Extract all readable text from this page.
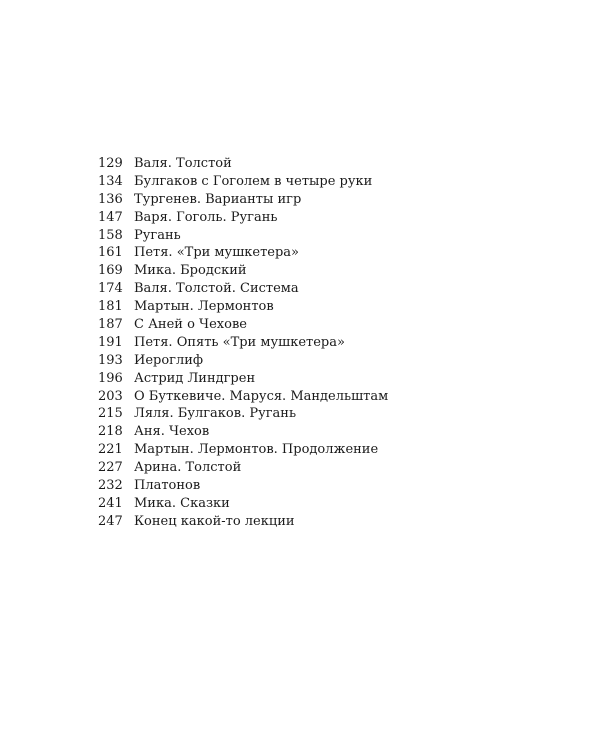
129 Валя. Толстой
134 Булгаков с Гоголем в четыре руки
136 Тургенев. Варианты игр
147 Варя. Гоголь. Ругань
158 Ругань
161 Петя. «Три мушкетера»
169 Мика. Бродский
174 Валя. Толстой. Система
181 Мартын. Лермонтов
187 С Аней о Чехове
191 Петя. Опять «Три мушкетера»
193 Иероглиф
196 Астрид Линдгрен
203 О Буткевиче. Маруся. Мандельштам
215 Ляля. Булгаков. Ругань
218 Аня. Чехов
221 Мартын. Лермонтов. Продолжение
227 Арина. Толстой
232 Платонов
241 Мика. Сказки
247 Конец какой-то лекции
